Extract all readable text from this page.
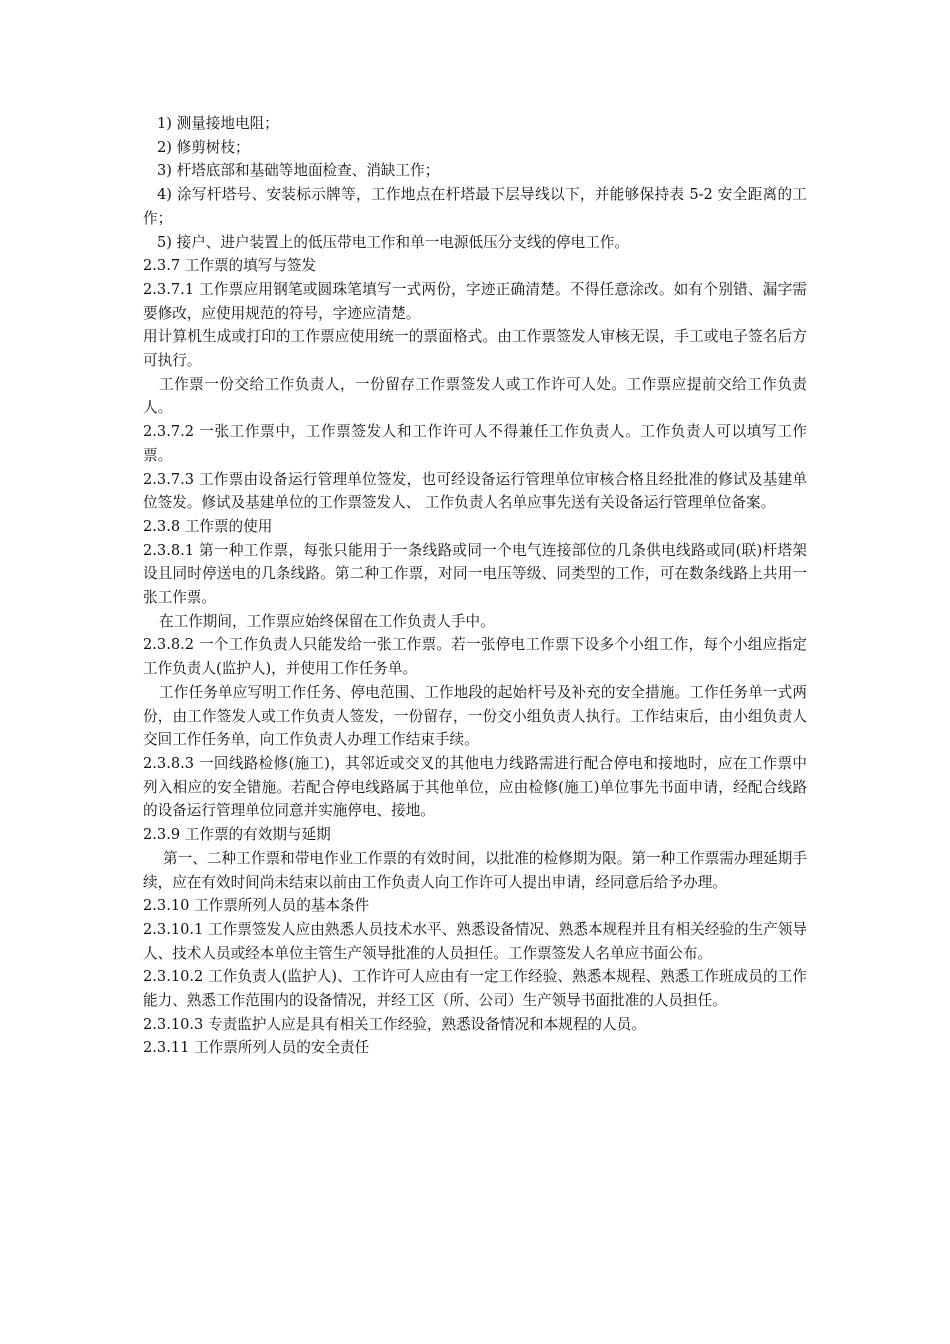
1) 测量接地电阻；

2) 修剪树枝；

3) 杆塔底部和基础等地面检查、消缺工作；

4) 涂写杆塔号、安装标示牌等，工作地点在杆塔最下层导线以下，并能够保持表 5-2 安全距离的工作；

5) 接户、进户装置上的低压带电工作和单一电源低压分支线的停电工作。

2.3.7 工作票的填写与签发

2.3.7.1 工作票应用钢笔或圆珠笔填写一式两份，字迹正确清楚。不得任意涂改。如有个别错、漏字需要修改，应使用规范的符号，字迹应清楚。

用计算机生成或打印的工作票应使用统一的票面格式。由工作票签发人审核无误，手工或电子签名后方可执行。

工作票一份交给工作负责人，一份留存工作票签发人或工作许可人处。工作票应提前交给工作负责人。

2.3.7.2 一张工作票中，工作票签发人和工作许可人不得兼任工作负责人。工作负责人可以填写工作票。

2.3.7.3 工作票由设备运行管理单位签发，也可经设备运行管理单位审核合格且经批准的修试及基建单位签发。修试及基建单位的工作票签发人、 工作负责人名单应事先送有关设备运行管理单位备案。

2.3.8 工作票的使用

2.3.8.1 第一种工作票，每张只能用于一条线路或同一个电气连接部位的几条供电线路或同(联)杆塔架设且同时停送电的几条线路。第二种工作票，对同一电压等级、同类型的工作，可在数条线路上共用一张工作票。

在工作期间，工作票应始终保留在工作负责人手中。

2.3.8.2 一个工作负责人只能发给一张工作票。若一张停电工作票下设多个小组工作，每个小组应指定工作负责人(监护人)，并使用工作任务单。

工作任务单应写明工作任务、停电范围、工作地段的起始杆号及补充的安全措施。工作任务单一式两份，由工作签发人或工作负责人签发，一份留存，一份交小组负责人执行。工作结束后，由小组负责人交回工作任务单，向工作负责人办理工作结束手续。

2.3.8.3 一回线路检修(施工)，其邻近或交叉的其他电力线路需进行配合停电和接地时，应在工作票中列入相应的安全错施。若配合停电线路属于其他单位，应由检修(施工)单位事先书面申请，经配合线路的设备运行管理单位同意并实施停电、接地。

2.3.9 工作票的有效期与延期

第一、二种工作票和带电作业工作票的有效时间，以批准的检修期为限。第一种工作票需办理延期手续，应在有效时间尚未结束以前由工作负责人向工作许可人提出申请，经同意后给予办理。

2.3.10 工作票所列人员的基本条件

2.3.10.1 工作票签发人应由熟悉人员技术水平、熟悉设备情况、熟悉本规程并且有相关经验的生产领导人、技术人员或经本单位主管生产领导批准的人员担任。工作票签发人名单应书面公布。

2.3.10.2 工作负责人(监护人)、工作许可人应由有一定工作经验、熟悉本规程、熟悉工作班成员的工作能力、熟悉工作范围内的设备情况，并经工区（所、公司）生产领导书面批准的人员担任。

2.3.10.3 专责监护人应是具有相关工作经验，熟悉设备情况和本规程的人员。

2.3.11 工作票所列人员的安全责任
